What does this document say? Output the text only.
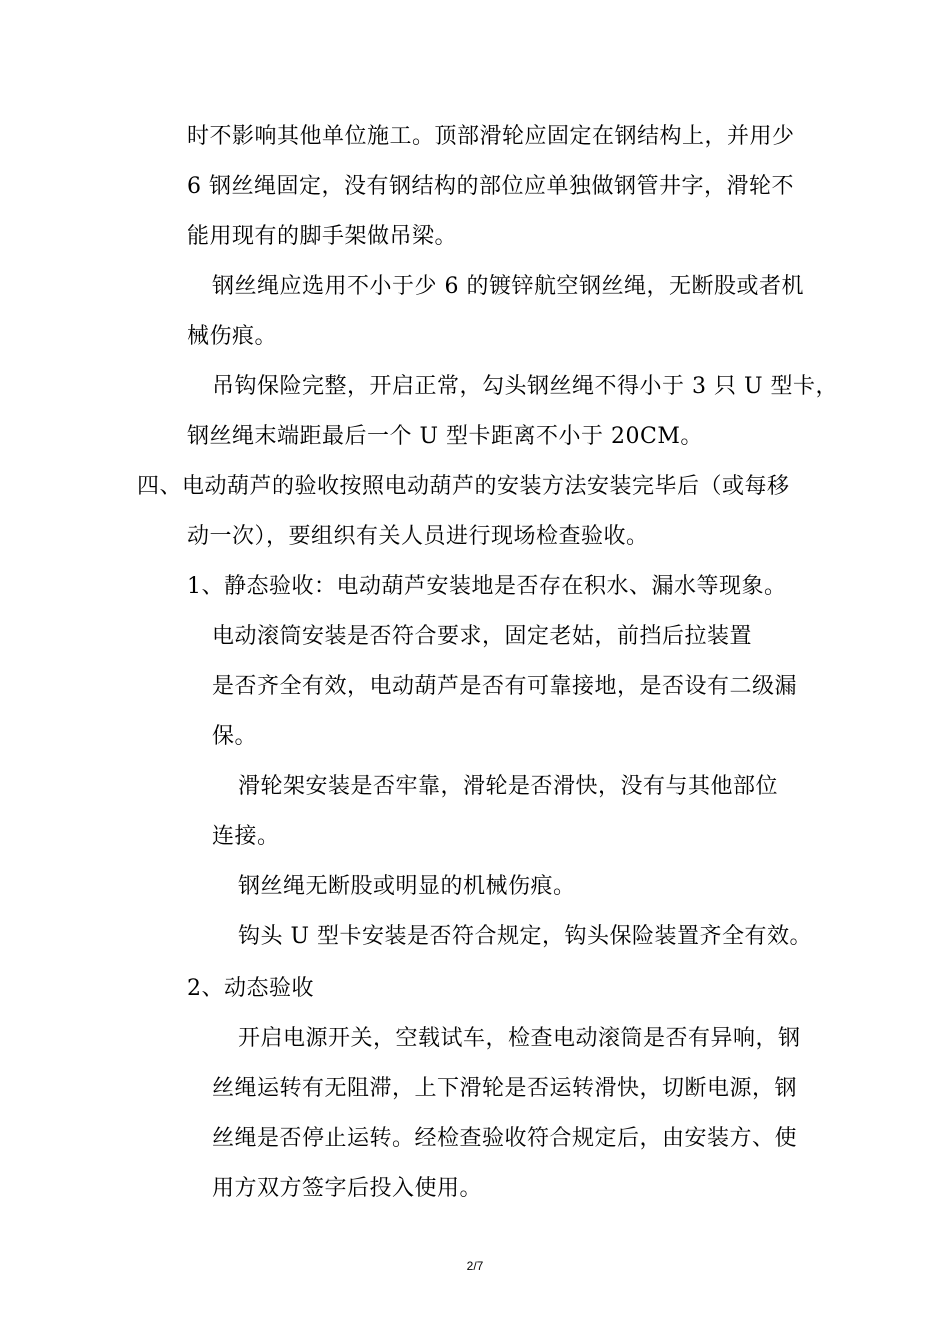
时不影响其他单位施工。顶部滑轮应固定在钢结构上，并用少
6 钢丝绳固定，没有钢结构的部位应单独做钢管井字，滑轮不
能用现有的脚手架做吊梁。
钢丝绳应选用不小于少 6 的镀锌航空钢丝绳，无断股或者机
械伤痕。
吊钩保险完整，开启正常，勾头钢丝绳不得小于 3 只 U 型卡，
钢丝绳末端距最后一个 U 型卡距离不小于 20CM。
四、电动葫芦的验收按照电动葫芦的安装方法安装完毕后（或每移
动一次），要组织有关人员进行现场检查验收。
1、静态验收：电动葫芦安装地是否存在积水、漏水等现象。
电动滚筒安装是否符合要求，固定老姑，前挡后拉装置
是否齐全有效，电动葫芦是否有可靠接地，是否设有二级漏
保。
滑轮架安装是否牢靠，滑轮是否滑快，没有与其他部位
连接。
钢丝绳无断股或明显的机械伤痕。
钩头 U 型卡安装是否符合规定，钩头保险装置齐全有效。
2、动态验收
开启电源开关，空载试车，检查电动滚筒是否有异响，钢
丝绳运转有无阻滞，上下滑轮是否运转滑快，切断电源，钢
丝绳是否停止运转。经检查验收符合规定后，由安装方、使
用方双方签字后投入使用。
2/7
